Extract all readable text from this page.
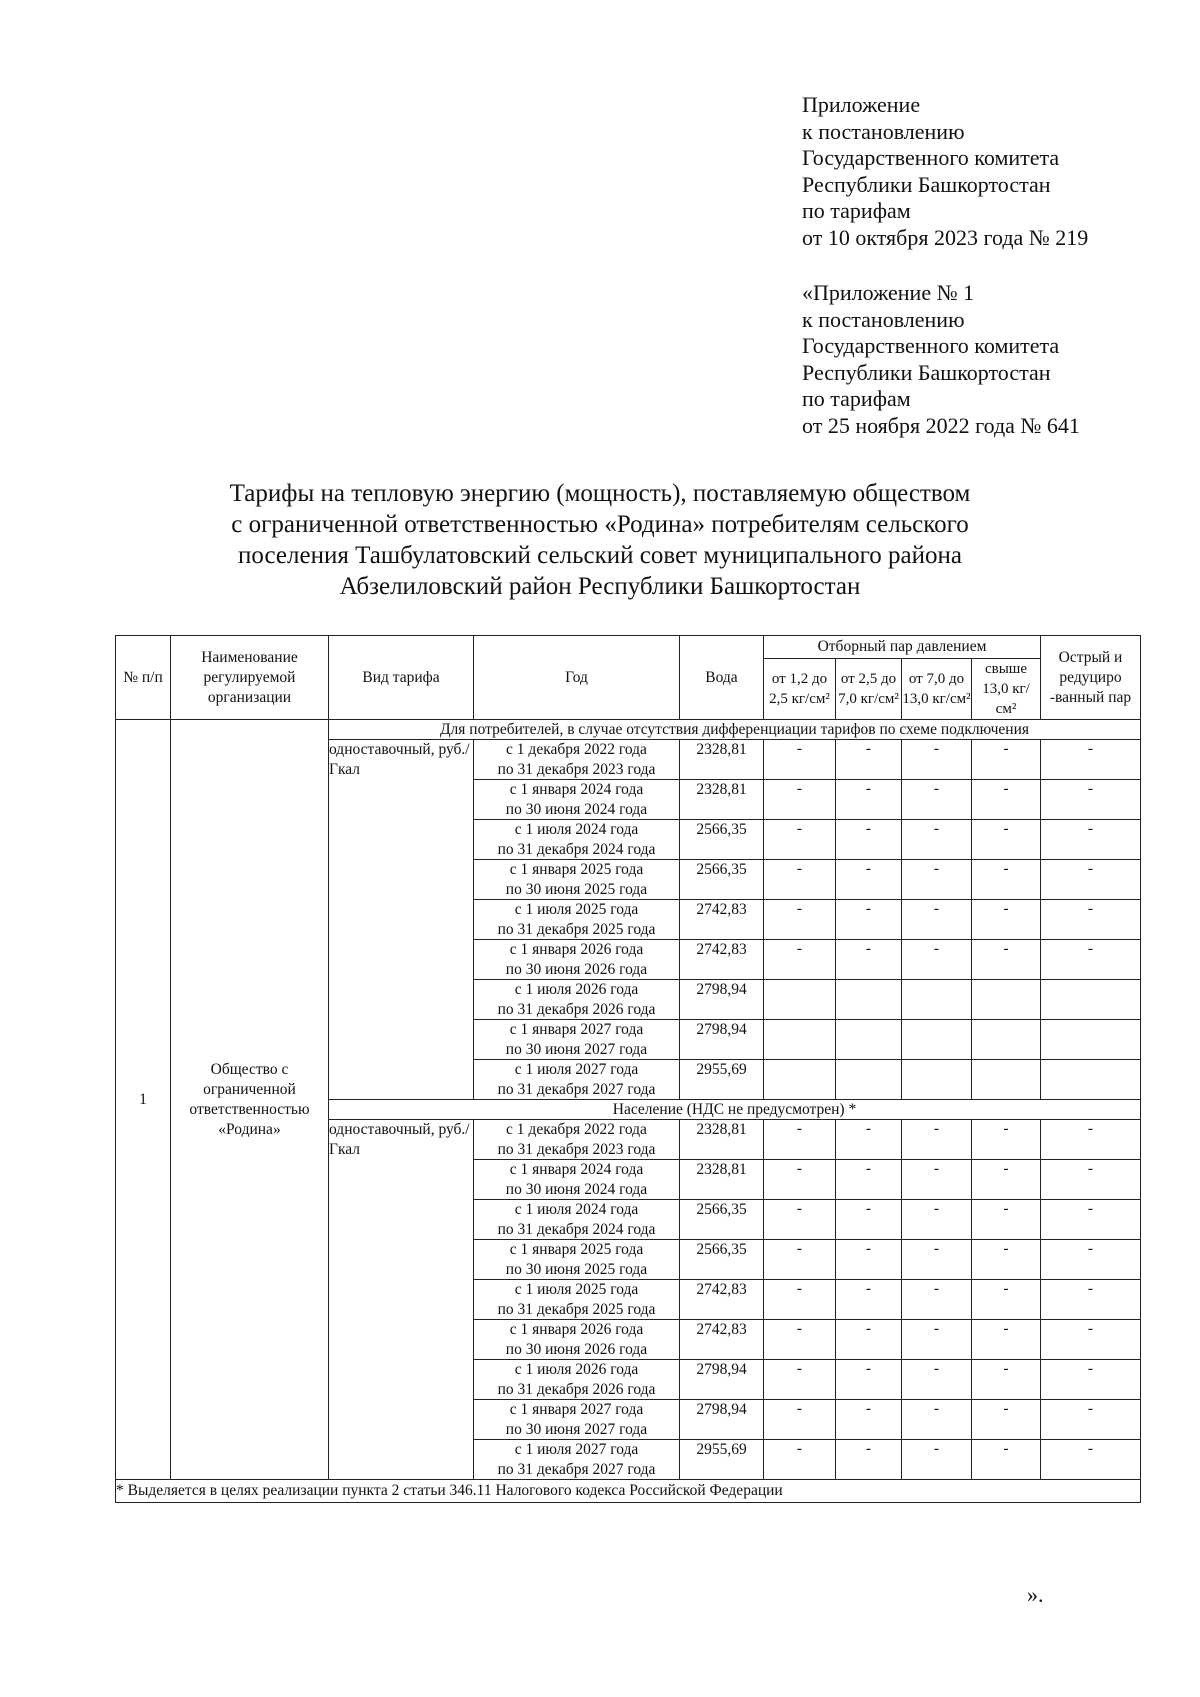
Приложение
к постановлению
Государственного комитета
Республики Башкортостан
по тарифам
от 10 октября 2023 года № 219
«Приложение № 1
к постановлению
Государственного комитета
Республики Башкортостан
по тарифам
от 25 ноября 2022 года № 641
Тарифы на тепловую энергию (мощность), поставляемую обществом
с ограниченной ответственностью «Родина» потребителям сельского
поселения Ташбулатовский сельский совет муниципального района
Абзелиловский район Республики Башкортостан
№ п/п	Наименование регулируемой организации	Вид тарифа	Год	Вода	Отборный пар давлением				Острый и редуциро -ванный пар
					от 1,2 до 2,5 кг/см²	от 2,5 до 7,0 кг/см²	от 7,0 до 13,0 кг/см²	свыше 13,0 кг/см²	
1	Общество с ограниченной ответственностью «Родина»	Для потребителей, в случае отсутствия дифференциации тарифов по схеме подключения							
		одноставочный, руб./Гкал	с 1 декабря 2022 года
по 31 декабря 2023 года	2328,81	-	-	-	-	-

			с 1 января 2024 года
по 30 июня 2024 года	2328,81	-	-	-	-	-

			с 1 июля 2024 года
по 31 декабря 2024 года	2566,35	-	-	-	-	-

			с 1 января 2025 года
по 30 июня 2025 года	2566,35	-	-	-	-	-

			с 1 июля 2025 года
по 31 декабря 2025 года	2742,83	-	-	-	-	-

			с 1 января 2026 года
по 30 июня 2026 года	2742,83	-	-	-	-	-

			с 1 июля 2026 года
по 31 декабря 2026 года	2798,94					

			с 1 января 2027 года
по 30 июня 2027 года	2798,94					

			с 1 июля 2027 года
по 31 декабря 2027 года	2955,69					
		Население (НДС не предусмотрен) *							
		одноставочный, руб./Гкал	с 1 декабря 2022 года
по 31 декабря 2023 года	2328,81	-	-	-	-	-

			с 1 января 2024 года
по 30 июня 2024 года	2328,81	-	-	-	-	-

			с 1 июля 2024 года
по 31 декабря 2024 года	2566,35	-	-	-	-	-

			с 1 января 2025 года
по 30 июня 2025 года	2566,35	-	-	-	-	-

			с 1 июля 2025 года
по 31 декабря 2025 года	2742,83	-	-	-	-	-

			с 1 января 2026 года
по 30 июня 2026 года	2742,83	-	-	-	-	-

			с 1 июля 2026 года
по 31 декабря 2026 года	2798,94	-	-	-	-	-

			с 1 января 2027 года
по 30 июня 2027 года	2798,94	-	-	-	-	-

			с 1 июля 2027 года
по 31 декабря 2027 года	2955,69	-	-	-	-	-
* Выделяется в целях реализации пункта 2 статьи 346.11 Налогового кодекса Российской Федерации									
».
